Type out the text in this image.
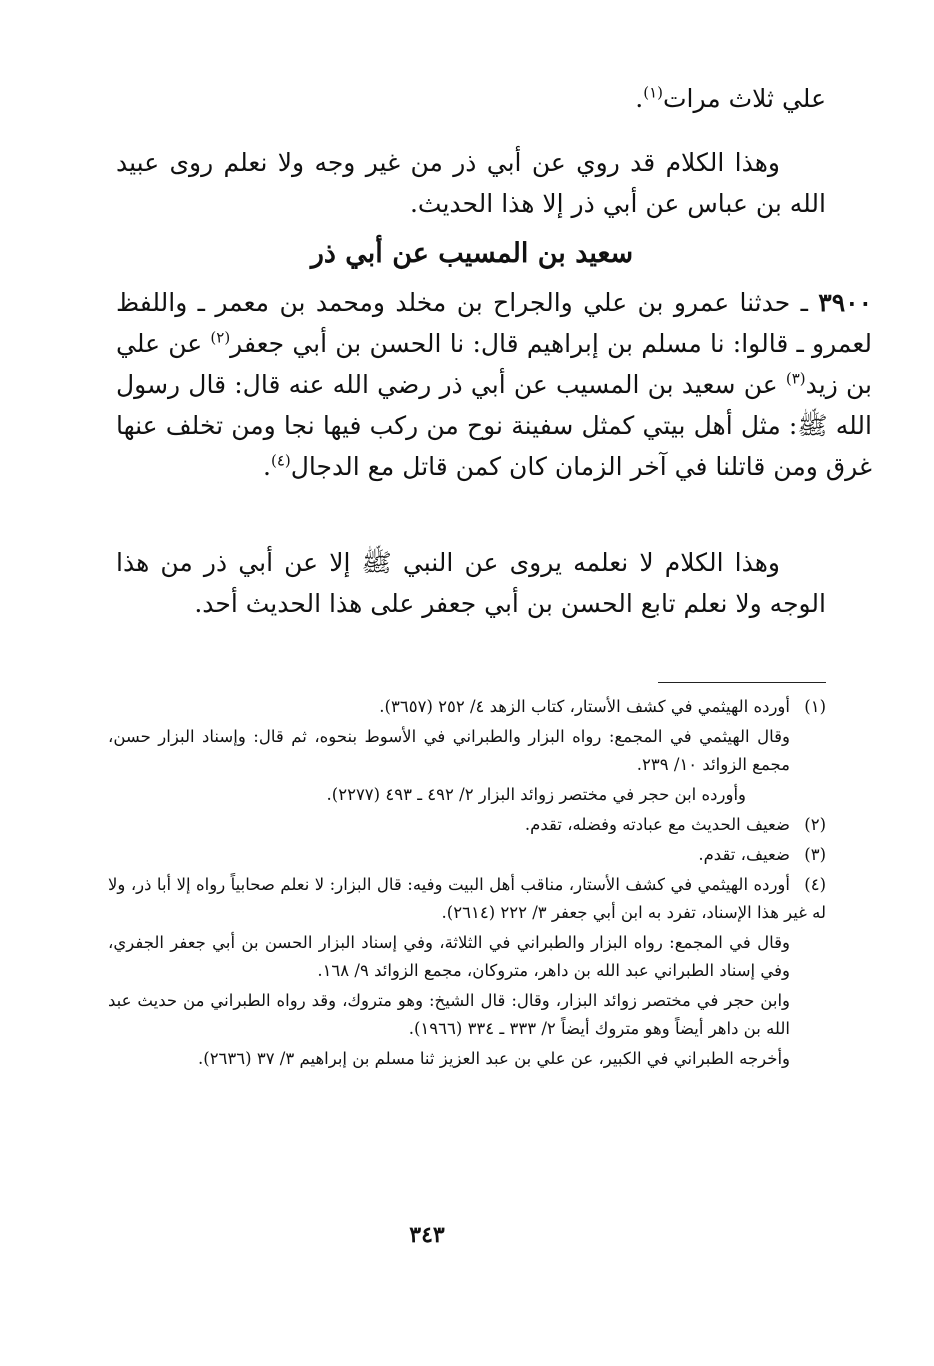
علي ثلاث مرات$^{(١)}$.

وهذا الكلام قد روي عن أبي ذر من غير وجه ولا نعلم روى عبيد الله بن عباس عن أبي ذر إلا هذا الحديث.

سعيد بن المسيب عن أبي ذر

٣٩٠٠ ـ حدثنا عمرو بن علي والجراح بن مخلد ومحمد بن معمر ـ واللفظ لعمرو ـ قالوا: نا مسلم بن إبراهيم قال: نا الحسن بن أبي جعفر$^{(٢)}$ عن علي بن زيد$^{(٣)}$ عن سعيد بن المسيب عن أبي ذر رضي الله عنه قال: قال رسول الله ﷺ: مثل أهل بيتي كمثل سفينة نوح من ركب فيها نجا ومن تخلف عنها غرق ومن قاتلنا في آخر الزمان كان كمن قاتل مع الدجال$^{(٤)}$.

وهذا الكلام لا نعلمه يروى عن النبي ﷺ إلا عن أبي ذر من هذا الوجه ولا نعلم تابع الحسن بن أبي جعفر على هذا الحديث أحد.

(١)أورده الهيثمي في كشف الأستار، كتاب الزهد ٤/ ٢٥٢ (٣٦٥٧).

وقال الهيثمي في المجمع: رواه البزار والطبراني في الأسوط بنحوه، ثم قال: وإسناد البزار حسن، مجمع الزوائد ١٠/ ٢٣٩.

وأورده ابن حجر في مختصر زوائد البزار ٢/ ٤٩٢ ـ ٤٩٣ (٢٢٧٧).

(٢)ضعيف الحديث مع عبادته وفضله، تقدم.

(٣)ضعيف، تقدم.

(٤)أورده الهيثمي في كشف الأستار، مناقب أهل البيت وفيه: قال البزار: لا نعلم صحابياً رواه إلا أبا ذر، ولا له غير هذا الإسناد، تفرد به ابن أبي جعفر ٣/ ٢٢٢ (٢٦١٤).

وقال في المجمع: رواه البزار والطبراني في الثلاثة، وفي إسناد البزار الحسن بن أبي جعفر الجفري، وفي إسناد الطبراني عبد الله بن داهر، متروكان، مجمع الزوائد ٩/ ١٦٨.

وابن حجر في مختصر زوائد البزار، وقال: قال الشيخ: وهو متروك، وقد رواه الطبراني من حديث عبد الله بن داهر أيضاً وهو متروك أيضاً ٢/ ٣٣٣ ـ ٣٣٤ (١٩٦٦).

وأخرجه الطبراني في الكبير، عن علي بن عبد العزيز ثنا مسلم بن إبراهيم ٣/ ٣٧ (٢٦٣٦).

٣٤٣
